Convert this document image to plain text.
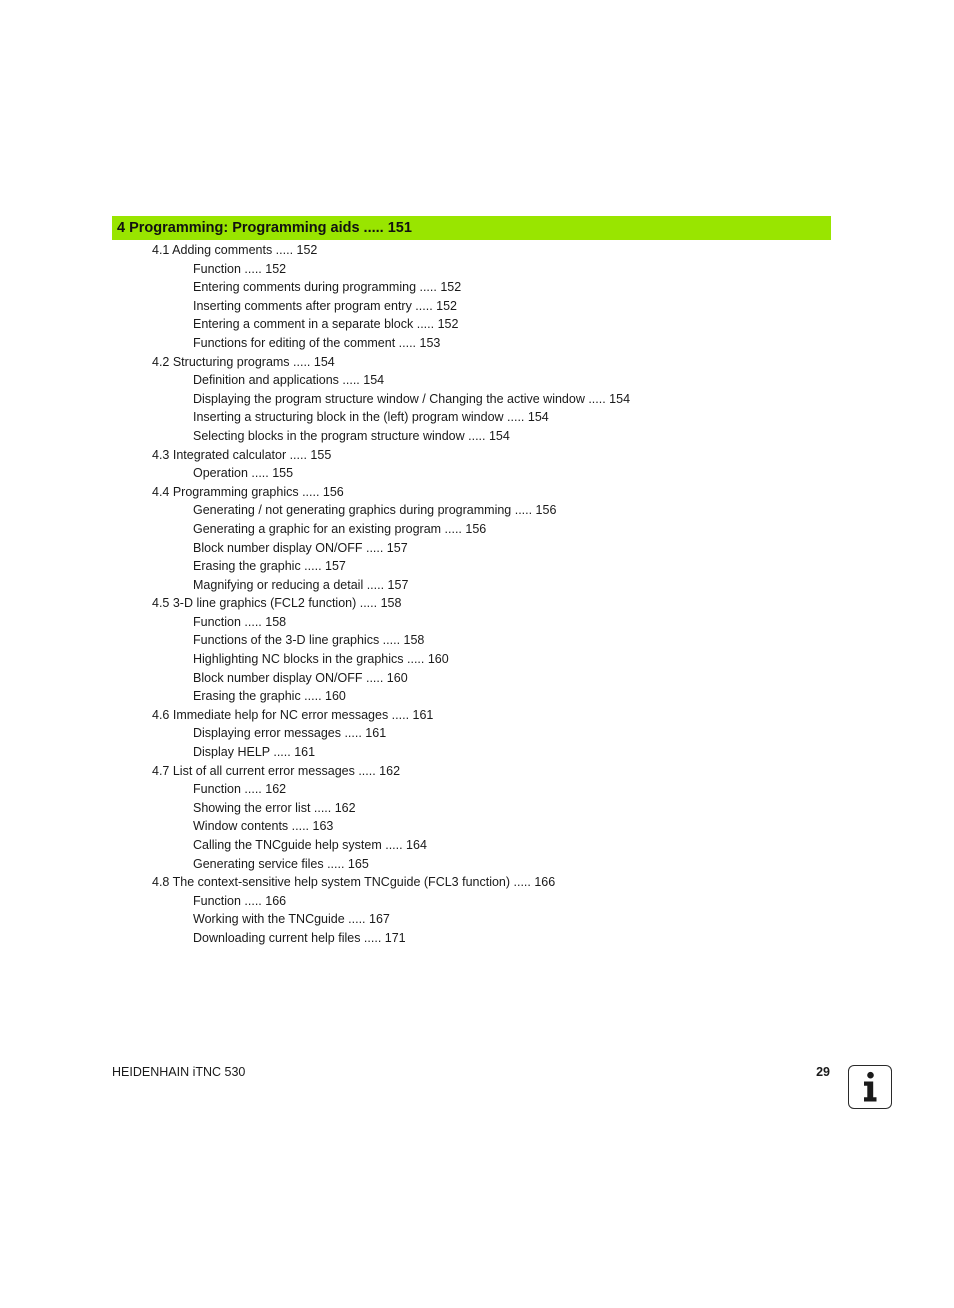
4 Programming: Programming aids ..... 151
4.1 Adding comments ..... 152
Function ..... 152
Entering comments during programming ..... 152
Inserting comments after program entry ..... 152
Entering a comment in a separate block ..... 152
Functions for editing of the comment ..... 153
4.2 Structuring programs ..... 154
Definition and applications ..... 154
Displaying the program structure window / Changing the active window ..... 154
Inserting a structuring block in the (left) program window ..... 154
Selecting blocks in the program structure window ..... 154
4.3 Integrated calculator ..... 155
Operation ..... 155
4.4 Programming graphics ..... 156
Generating / not generating graphics during programming ..... 156
Generating a graphic for an existing program ..... 156
Block number display ON/OFF ..... 157
Erasing the graphic ..... 157
Magnifying or reducing a detail ..... 157
4.5 3-D line graphics (FCL2 function) ..... 158
Function ..... 158
Functions of the 3-D line graphics ..... 158
Highlighting NC blocks in the graphics ..... 160
Block number display ON/OFF ..... 160
Erasing the graphic ..... 160
4.6 Immediate help for NC error messages ..... 161
Displaying error messages ..... 161
Display HELP ..... 161
4.7 List of all current error messages ..... 162
Function ..... 162
Showing the error list ..... 162
Window contents ..... 163
Calling the TNCguide help system ..... 164
Generating service files ..... 165
4.8 The context-sensitive help system TNCguide (FCL3 function) ..... 166
Function ..... 166
Working with the TNCguide ..... 167
Downloading current help files ..... 171
HEIDENHAIN iTNC 530	29
